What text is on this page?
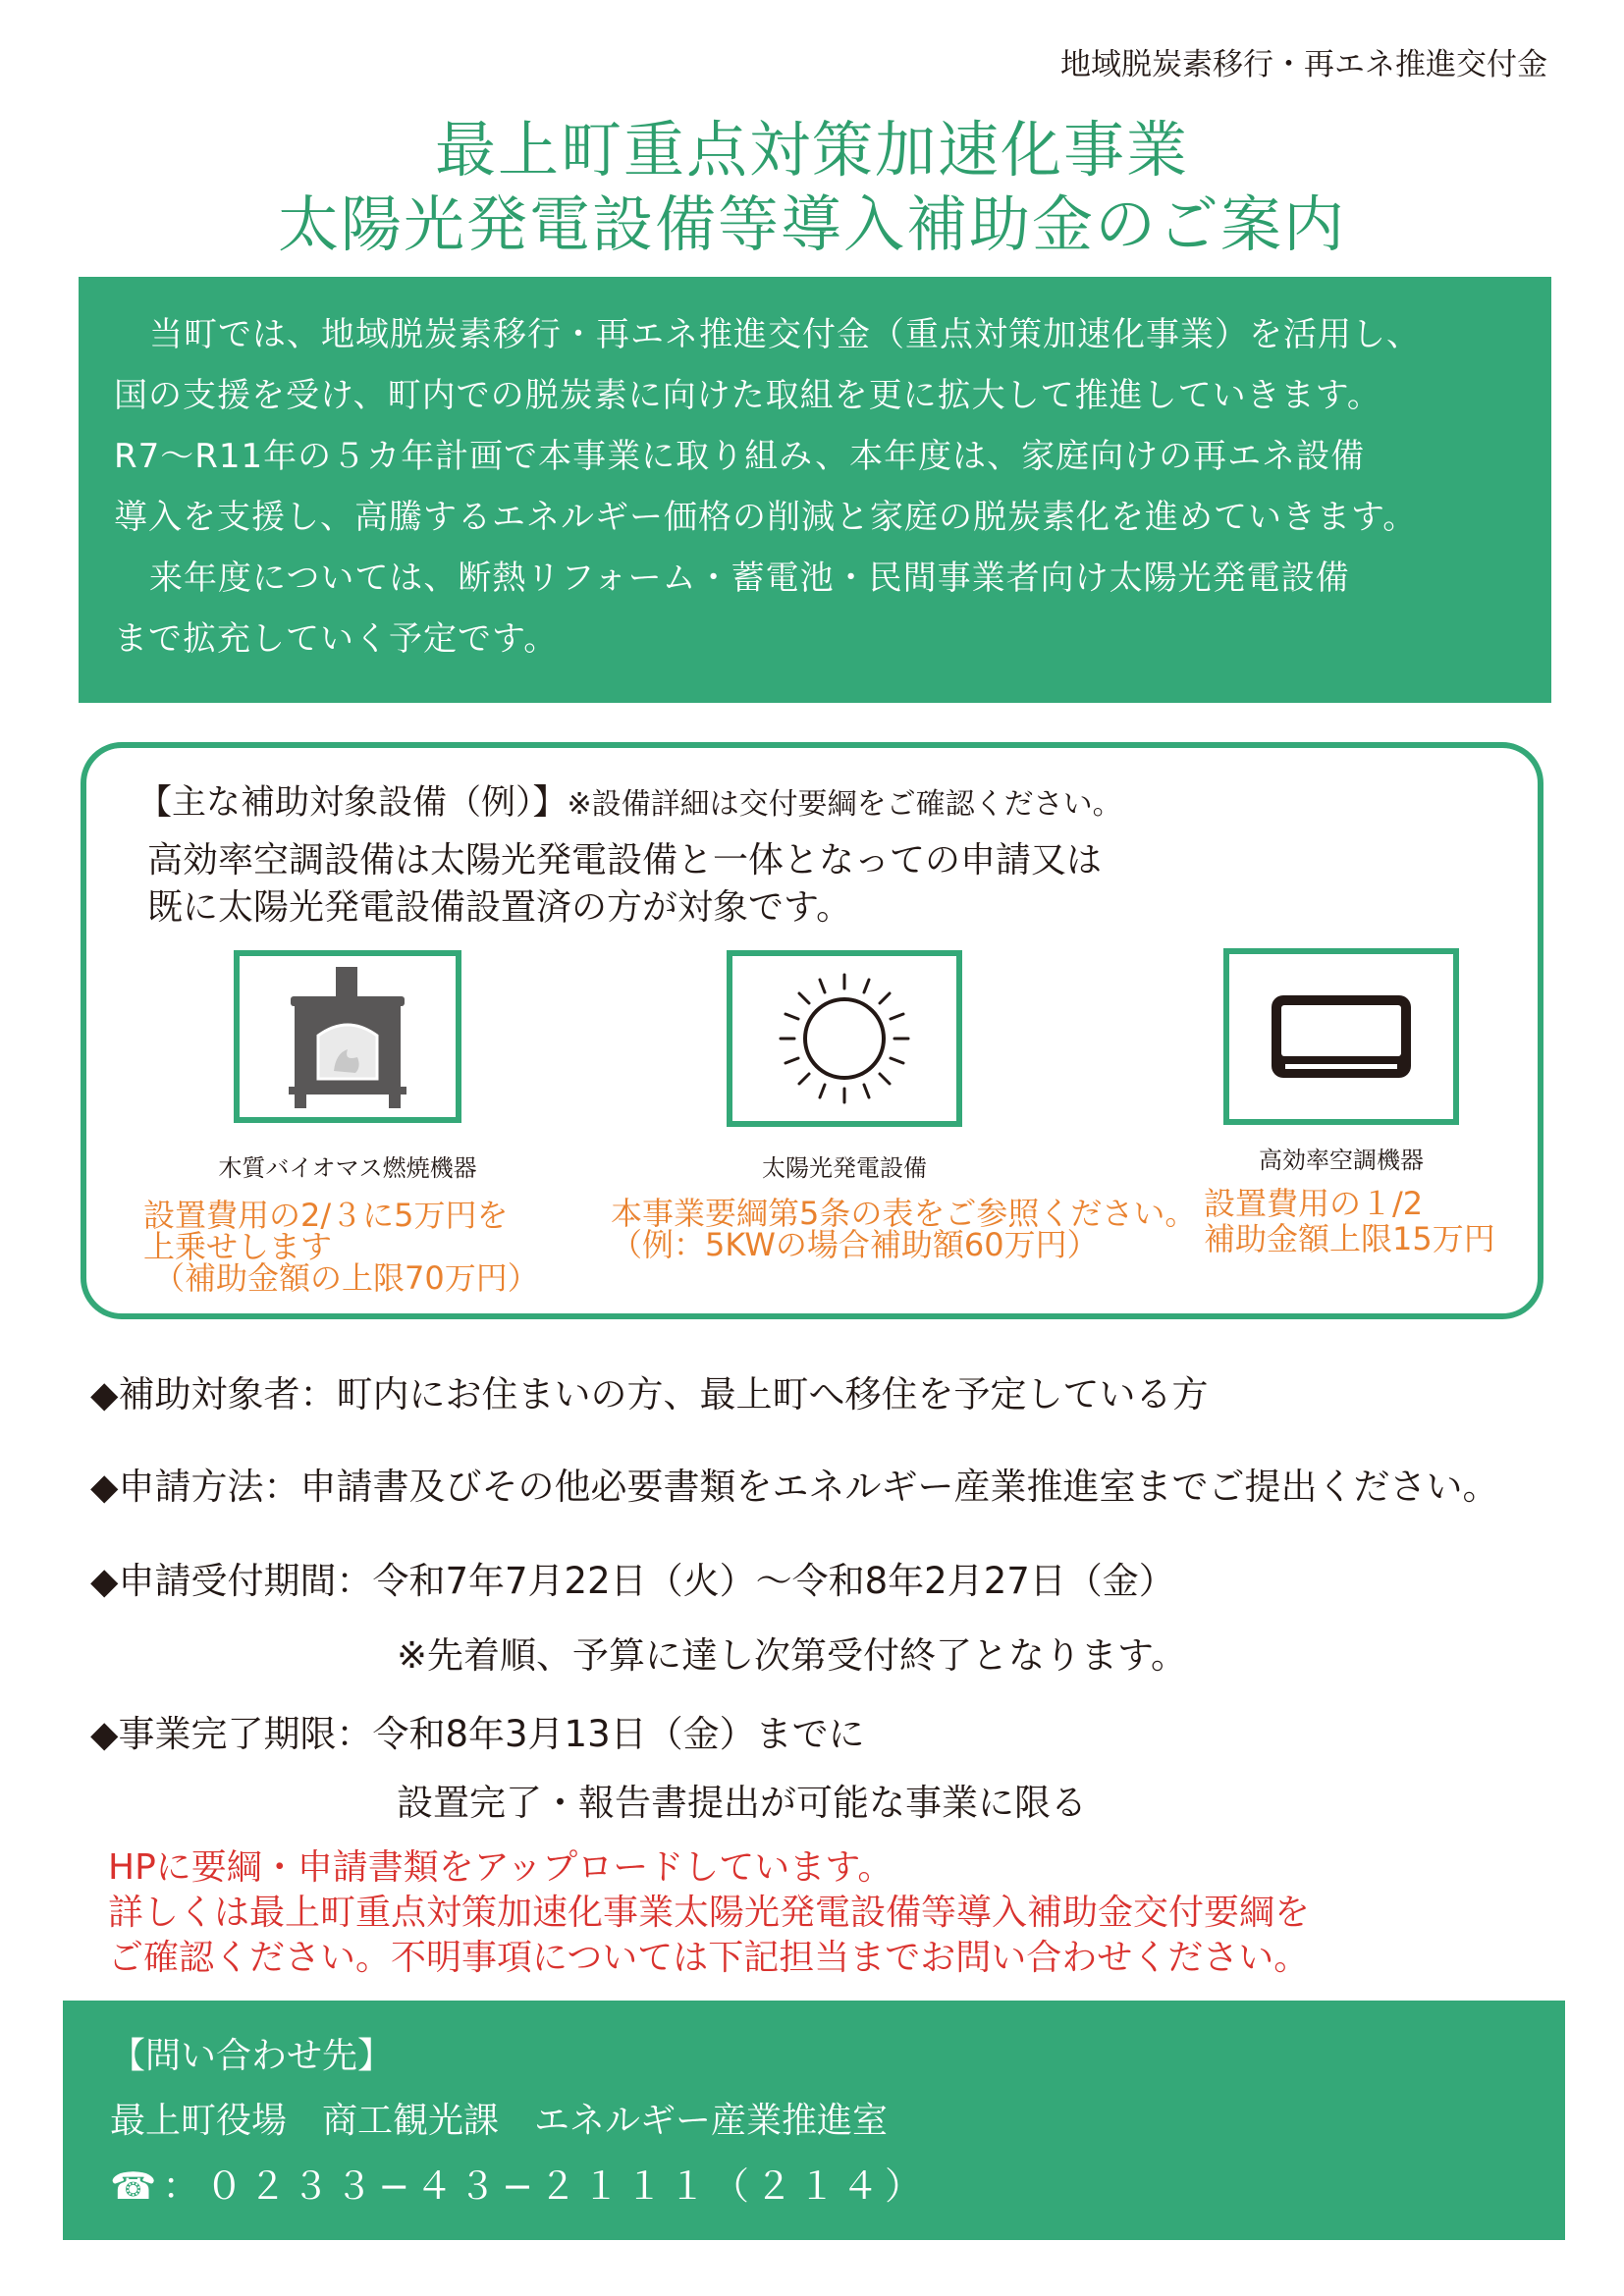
地域脱炭素移行・再エネ推進交付金
最上町重点対策加速化事業
太陽光発電設備等導入補助金のご案内

当町では、地域脱炭素移行・再エネ推進交付金（重点対策加速化事業）を活用し、

国の支援を受け、町内での脱炭素に向けた取組を更に拡大して推進していきます。

R7〜R11年の５カ年計画で本事業に取り組み、本年度は、家庭向けの再エネ設備

導入を支援し、高騰するエネルギー価格の削減と家庭の脱炭素化を進めていきます。

来年度については、断熱リフォーム・蓄電池・民間事業者向け太陽光発電設備

まで拡充していく予定です。

【主な補助対象設備（例）】※設備詳細は交付要綱をご確認ください。
高効率空調設備は太陽光発電設備と一体となっての申請又は
既に太陽光発電設備設置済の方が対象です。
木質バイオマス燃焼機器
設置費用の2/３に5万円を
上乗せします
（補助金額の上限70万円）
太陽光発電設備
本事業要綱第5条の表をご参照ください。
（例：5KWの場合補助額60万円）
高効率空調機器
設置費用の１/2
補助金額上限15万円
◆補助対象者：町内にお住まいの方、最上町へ移住を予定している方
◆申請方法：申請書及びその他必要書類をエネルギー産業推進室までご提出ください。
◆申請受付期間：令和7年7月22日（火）〜令和8年2月27日（金）
※先着順、予算に達し次第受付終了となります。
◆事業完了期限：令和8年3月13日（金）までに
設置完了・報告書提出が可能な事業に限る
HPに要綱・申請書類をアップロードしています。
詳しくは最上町重点対策加速化事業太陽光発電設備等導入補助金交付要綱を
ご確認ください。不明事項については下記担当までお問い合わせください。
【問い合わせ先】
最上町役場　商工観光課　エネルギー産業推進室
☎：０２３３−４３−２１１１（２１４）
